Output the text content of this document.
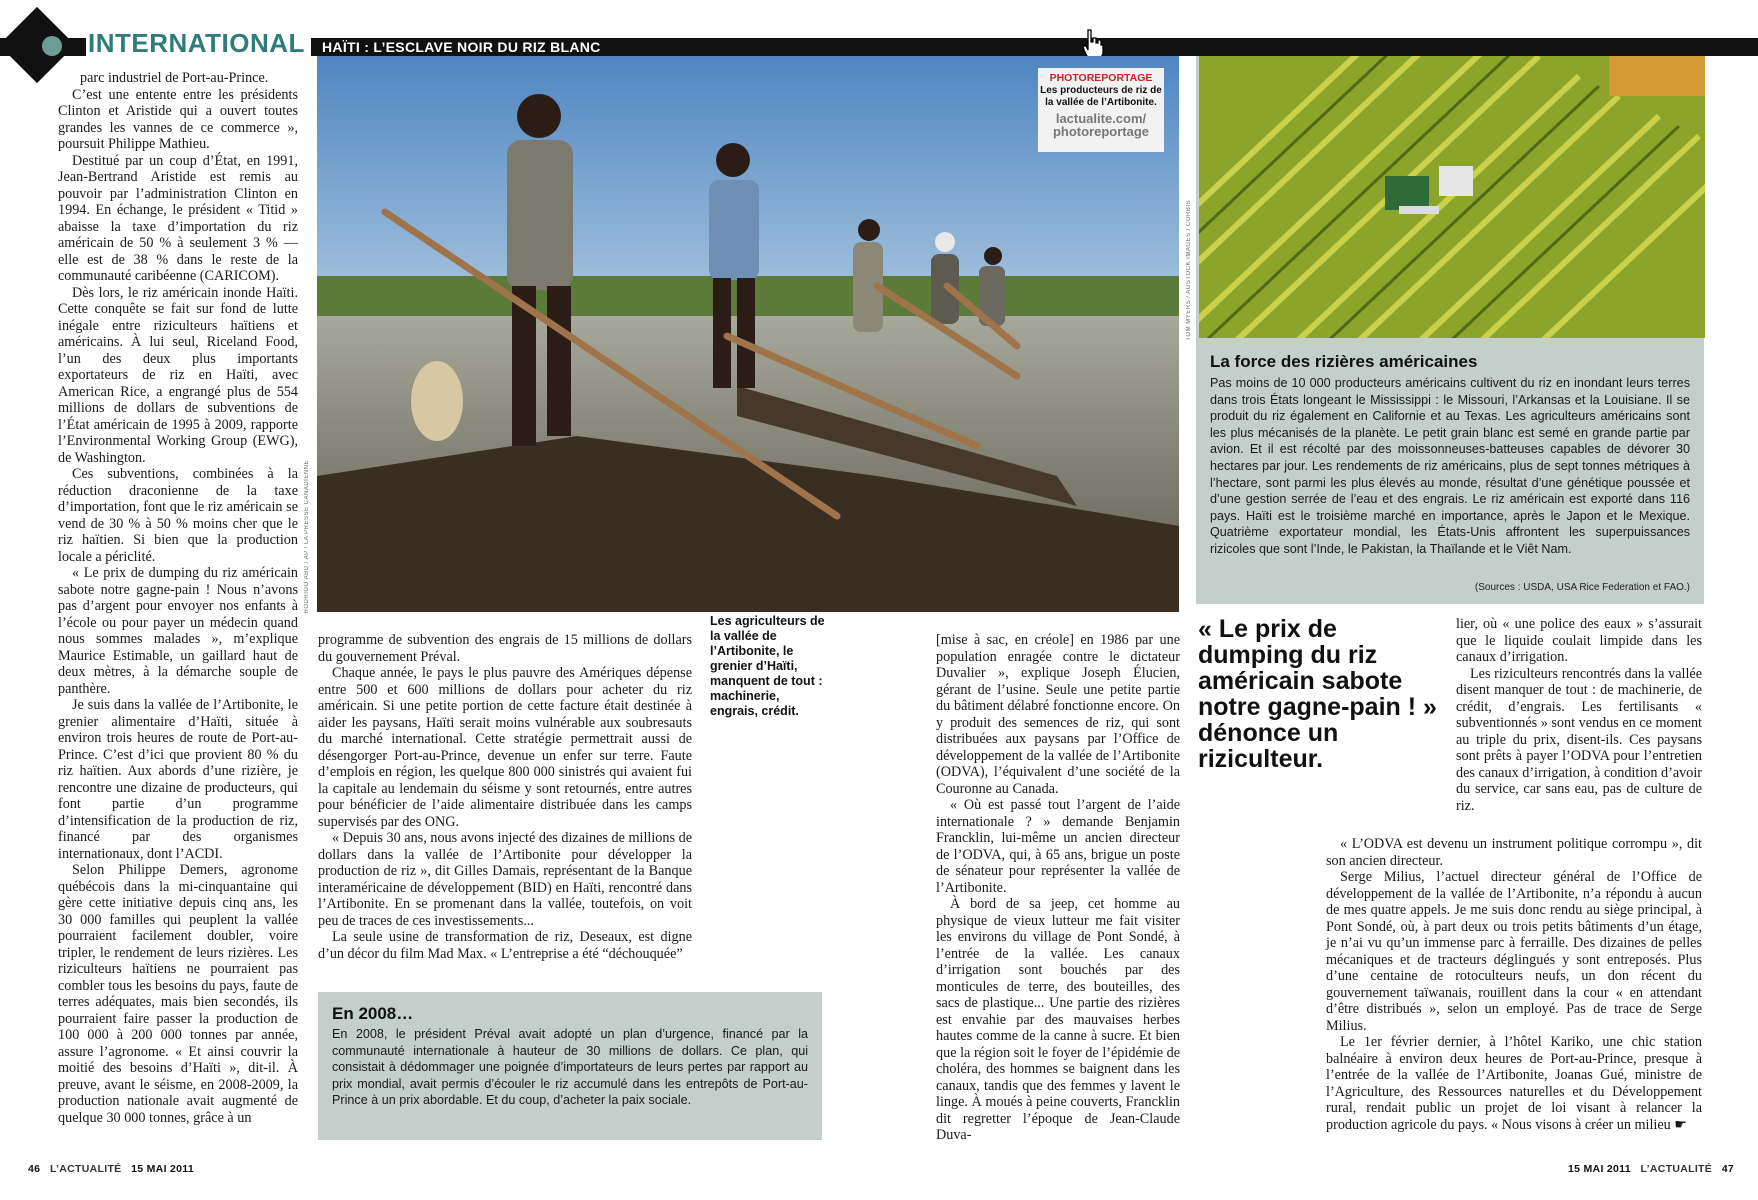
INTERNATIONAL	HAÏTI : L’ESCLAVE NOIR DU RIZ BLANC

parc industriel de Port-au-Prince.

C’est une entente entre les présidents Clinton et Aristide qui a ouvert toutes grandes les vannes de ce commerce », poursuit Philippe Mathieu.

Destitué par un coup d’État, en 1991, Jean-Bertrand Aristide est remis au pouvoir par l’administration Clinton en 1994. En échange, le président « Titid » abaisse la taxe d’importation du riz américain de 50 % à seulement 3 % — elle est de 38 % dans le reste de la communauté caribéenne (CARICOM).

Dès lors, le riz américain inonde Haïti. Cette conquête se fait sur fond de lutte inégale entre riziculteurs haïtiens et américains. À lui seul, Riceland Food, l’un des deux plus importants exportateurs de riz en Haïti, avec American Rice, a engrangé plus de 554 millions de dollars de subventions de l’État américain de 1995 à 2009, rapporte l’Environmental Working Group (EWG), de Washington.

Ces subventions, combinées à la réduction draconienne de la taxe d’importation, font que le riz américain se vend de 30 % à 50 % moins cher que le riz haïtien. Si bien que la production locale a périclité.

« Le prix de dumping du riz américain sabote notre gagne-pain ! Nous n’avons pas d’argent pour envoyer nos enfants à l’école ou pour payer un médecin quand nous sommes malades », m’explique Maurice Estimable, un gaillard haut de deux mètres, à la démarche souple de panthère.

Je suis dans la vallée de l’Artibonite, le grenier alimentaire d’Haïti, située à environ trois heures de route de Port-au-Prince. C’est d’ici que provient 80 % du riz haïtien. Aux abords d’une rizière, je rencontre une dizaine de producteurs, qui font partie d’un programme d’intensification de la production de riz, financé par des organismes internationaux, dont l’ACDI.

Selon Philippe Demers, agronome québécois dans la mi-cinquantaine qui gère cette initiative depuis cinq ans, les 30 000 familles qui peuplent la vallée pourraient facilement doubler, voire tripler, le rendement de leurs rizières. Les riziculteurs haïtiens ne pourraient pas combler tous les besoins du pays, faute de terres adéquates, mais bien secondés, ils pourraient faire passer la production de 100 000 à 200 000 tonnes par année, assure l’agronome. « Et ainsi couvrir la moitié des besoins d’Haïti », dit-il. À preuve, avant le séisme, en 2008-2009, la production nationale avait augmenté de quelque 30 000 tonnes, grâce à un

RODRIGO ABD / AP / LA PRESSE CANADIENNE
PHOTOREPORTAGE
Les producteurs de riz de la vallée de l’Artibonite.
lactualite.com/
photoreportage
Les agriculteurs de la vallée de l’Artibonite, le grenier d’Haïti, manquent de tout : machinerie, engrais, crédit.

programme de subvention des engrais de 15 millions de dollars du gouvernement Préval.

Chaque année, le pays le plus pauvre des Amériques dépense entre 500 et 600 millions de dollars pour acheter du riz américain. Si une petite portion de cette facture était destinée à aider les paysans, Haïti serait moins vulnérable aux soubresauts du marché international. Cette stratégie permettrait aussi de désengorger Port-au-Prince, devenue un enfer sur terre. Faute d’emplois en région, les quelque 800 000 sinistrés qui avaient fui la capitale au lendemain du séisme y sont retournés, entre autres pour bénéficier de l’aide alimentaire distribuée dans les camps supervisés par des ONG.

« Depuis 30 ans, nous avons injecté des dizaines de millions de dollars dans la vallée de l’Artibonite pour développer la production de riz », dit Gilles Damais, représentant de la Banque interaméricaine de développement (BID) en Haïti, rencontré dans l’Artibonite. En se promenant dans la vallée, toutefois, on voit peu de traces de ces investissements...

La seule usine de transformation de riz, Deseaux, est digne d’un décor du film Mad Max. « L’entreprise a été “déchouquée”

En 2008…
En 2008, le président Préval avait adopté un plan d’urgence, financé par la communauté internationale à hauteur de 30 millions de dollars. Ce plan, qui consistait à dédommager une poignée d’importateurs de leurs pertes par rapport au prix mondial, avait permis d’écouler le riz accumulé dans les entrepôts de Port-au-Prince à un prix abordable. Et du coup, d’acheter la paix sociale.

[mise à sac, en créole] en 1986 par une population enragée contre le dictateur Duvalier », explique Joseph Élucien, gérant de l’usine. Seule une petite partie du bâtiment délabré fonctionne encore. On y produit des semences de riz, qui sont distribuées aux paysans par l’Office de développement de la vallée de l’Artibonite (ODVA), l’équivalent d’une société de la Couronne au Canada.

« Où est passé tout l’argent de l’aide internationale ? » demande Benjamin Francklin, lui-même un ancien directeur de l’ODVA, qui, à 65 ans, brigue un poste de sénateur pour représenter la vallée de l’Artibonite.

À bord de sa jeep, cet homme au physique de vieux lutteur me fait visiter les environs du village de Pont Sondé, à l’entrée de la vallée. Les canaux d’irrigation sont bouchés par des monticules de terre, des bouteilles, des sacs de plastique... Une partie des rizières est envahie par des mauvaises herbes hautes comme de la canne à sucre. Et bien que la région soit le foyer de l’épidémie de choléra, des hommes se baignent dans les canaux, tandis que des femmes y lavent le linge. À moués à peine couverts, Francklin dit regretter l’époque de Jean-Claude Duva-

TOM MYERS / AGSTOCK IMAGES / CORBIS
La force des rizières américaines
Pas moins de 10 000 producteurs américains cultivent du riz en inondant leurs terres dans trois États longeant le Mississippi : le Missouri, l’Arkansas et la Louisiane. Il se produit du riz également en Californie et au Texas. Les agriculteurs américains sont les plus mécanisés de la planète. Le petit grain blanc est semé en grande partie par avion. Et il est récolté par des moissonneuses-batteuses capables de dévorer 30 hectares par jour. Les rendements de riz américains, plus de sept tonnes métriques à l’hectare, sont parmi les plus élevés au monde, résultat d’une génétique poussée et d’une gestion serrée de l’eau et des engrais. Le riz américain est exporté dans 116 pays. Haïti est le troisième marché en importance, après le Japon et le Mexique. Quatrième exportateur mondial, les États-Unis affrontent les superpuissances rizicoles que sont l’Inde, le Pakistan, la Thaïlande et le Viêt Nam.
(Sources : USDA, USA Rice Federation et FAO.)
« Le prix de dumping du riz américain sabote notre gagne-pain ! » dénonce un riziculteur.

lier, où « une police des eaux » s’assurait que le liquide coulait limpide dans les canaux d’irrigation.

Les riziculteurs rencontrés dans la vallée disent manquer de tout : de machinerie, de crédit, d’engrais. Les fertilisants « subventionnés » sont vendus en ce moment au triple du prix, disent-ils. Ces paysans sont prêts à payer l’ODVA pour l’entretien des canaux d’irrigation, à condition d’avoir du service, car sans eau, pas de culture de riz.

« L’ODVA est devenu un instrument politique corrompu », dit son ancien directeur.

Serge Milius, l’actuel directeur général de l’Office de développement de la vallée de l’Artibonite, n’a répondu à aucun de mes quatre appels. Je me suis donc rendu au siège principal, à Pont Sondé, où, à part deux ou trois petits bâtiments d’un étage, je n’ai vu qu’un immense parc à ferraille. Des dizaines de pelles mécaniques et de tracteurs déglingués y sont entreposés. Plus d’une centaine de rotoculteurs neufs, un don récent du gouvernement taïwanais, rouillent dans la cour « en attendant d’être distribués », selon un employé. Pas de trace de Serge Milius.

Le 1er février dernier, à l’hôtel Kariko, une chic station balnéaire à environ deux heures de Port-au-Prince, presque à l’entrée de la vallée de l’Artibonite, Joanas Gué, ministre de l’Agriculture, des Ressources naturelles et du Développement rural, rendait public un projet de loi visant à relancer la production agricole du pays. « Nous visons à créer un milieu ☛

46 L’ACTUALITÉ 15 MAI 2011	15 MAI 2011 L’ACTUALITÉ 47
